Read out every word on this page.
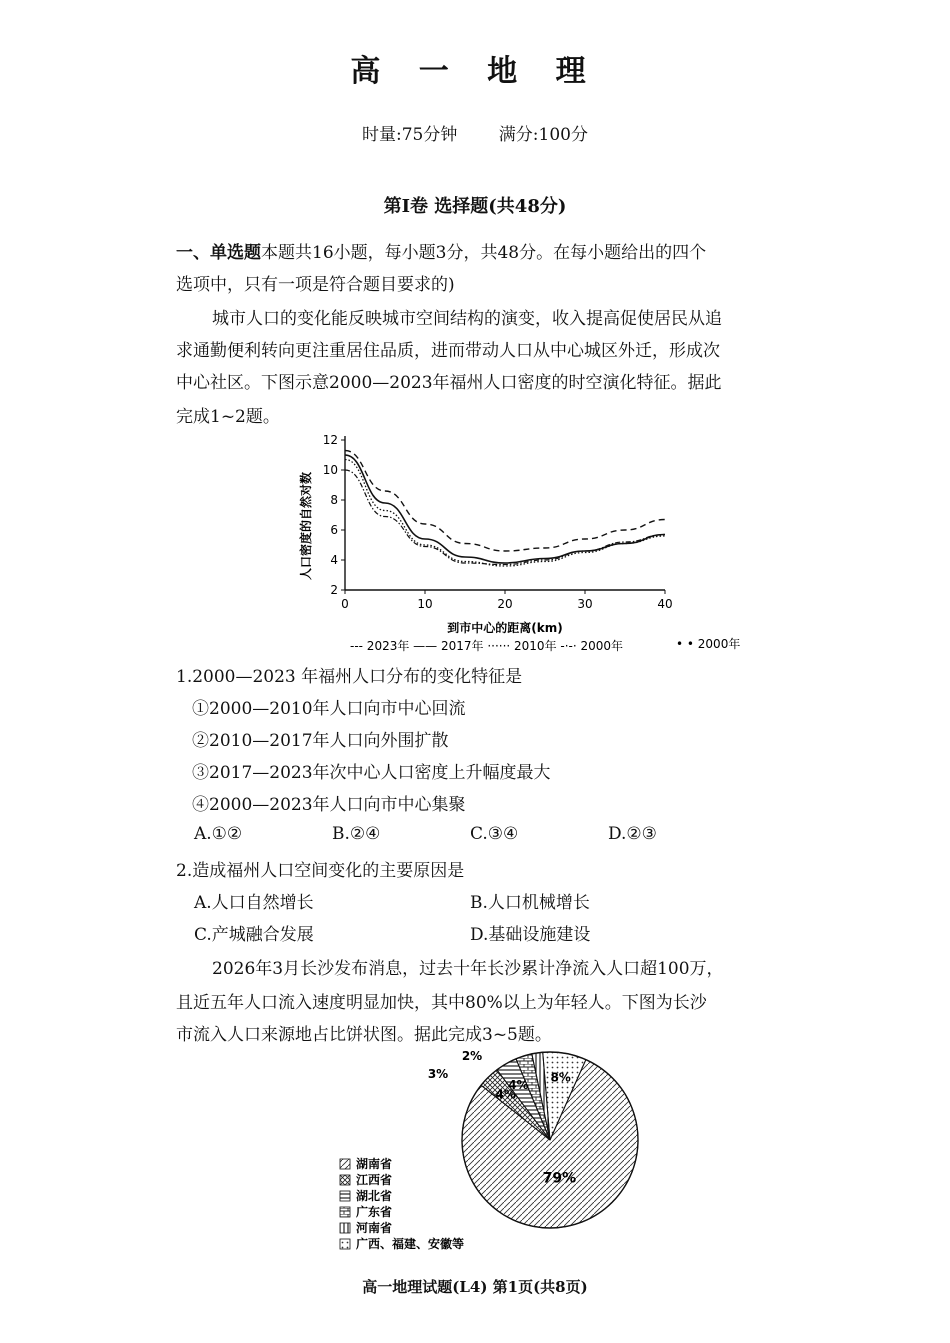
高 一 地 理
时量:75分钟 满分:100分
第Ⅰ卷 选择题(共48分)
一、单选题本题共16小题，每小题3分，共48分。在每小题给出的四个
选项中，只有一项是符合题目要求的)
城市人口的变化能反映城市空间结构的演变，收入提高促使居民从追
求通勤便利转向更注重居住品质，进而带动人口从中心城区外迁，形成次
中心社区。下图示意2000—2023年福州人口密度的时空演化特征。据此
完成1~2题。
0	10	20	30	40
2
4
6
8
10
12
到市中心的距离(km)
人口密度的自然对数
--- 2023年 —— 2017年 ······ 2010年 -·-· 2000年	• • 2000年
1.2000—2023 年福州人口分布的变化特征是
①2000—2010年人口向市中心回流
②2010—2017年人口向外围扩散
③2017—2023年次中心人口密度上升幅度最大
④2000—2023年人口向市中心集聚
A.①②	B.②④	C.③④	D.②③
2.造成福州人口空间变化的主要原因是
A.人口自然增长	B.人口机械增长
C.产城融合发展	D.基础设施建设
2026年3月长沙发布消息，过去十年长沙累计净流入人口超100万，
且近五年人口流入速度明显加快，其中80%以上为年轻人。下图为长沙
市流入人口来源地占比饼状图。据此完成3~5题。
79%
4%
4%
3%
2%
8%
湖南省
江西省
湖北省
广东省
河南省
广西、福建、安徽等
高一地理试题(L4) 第1页(共8页)
